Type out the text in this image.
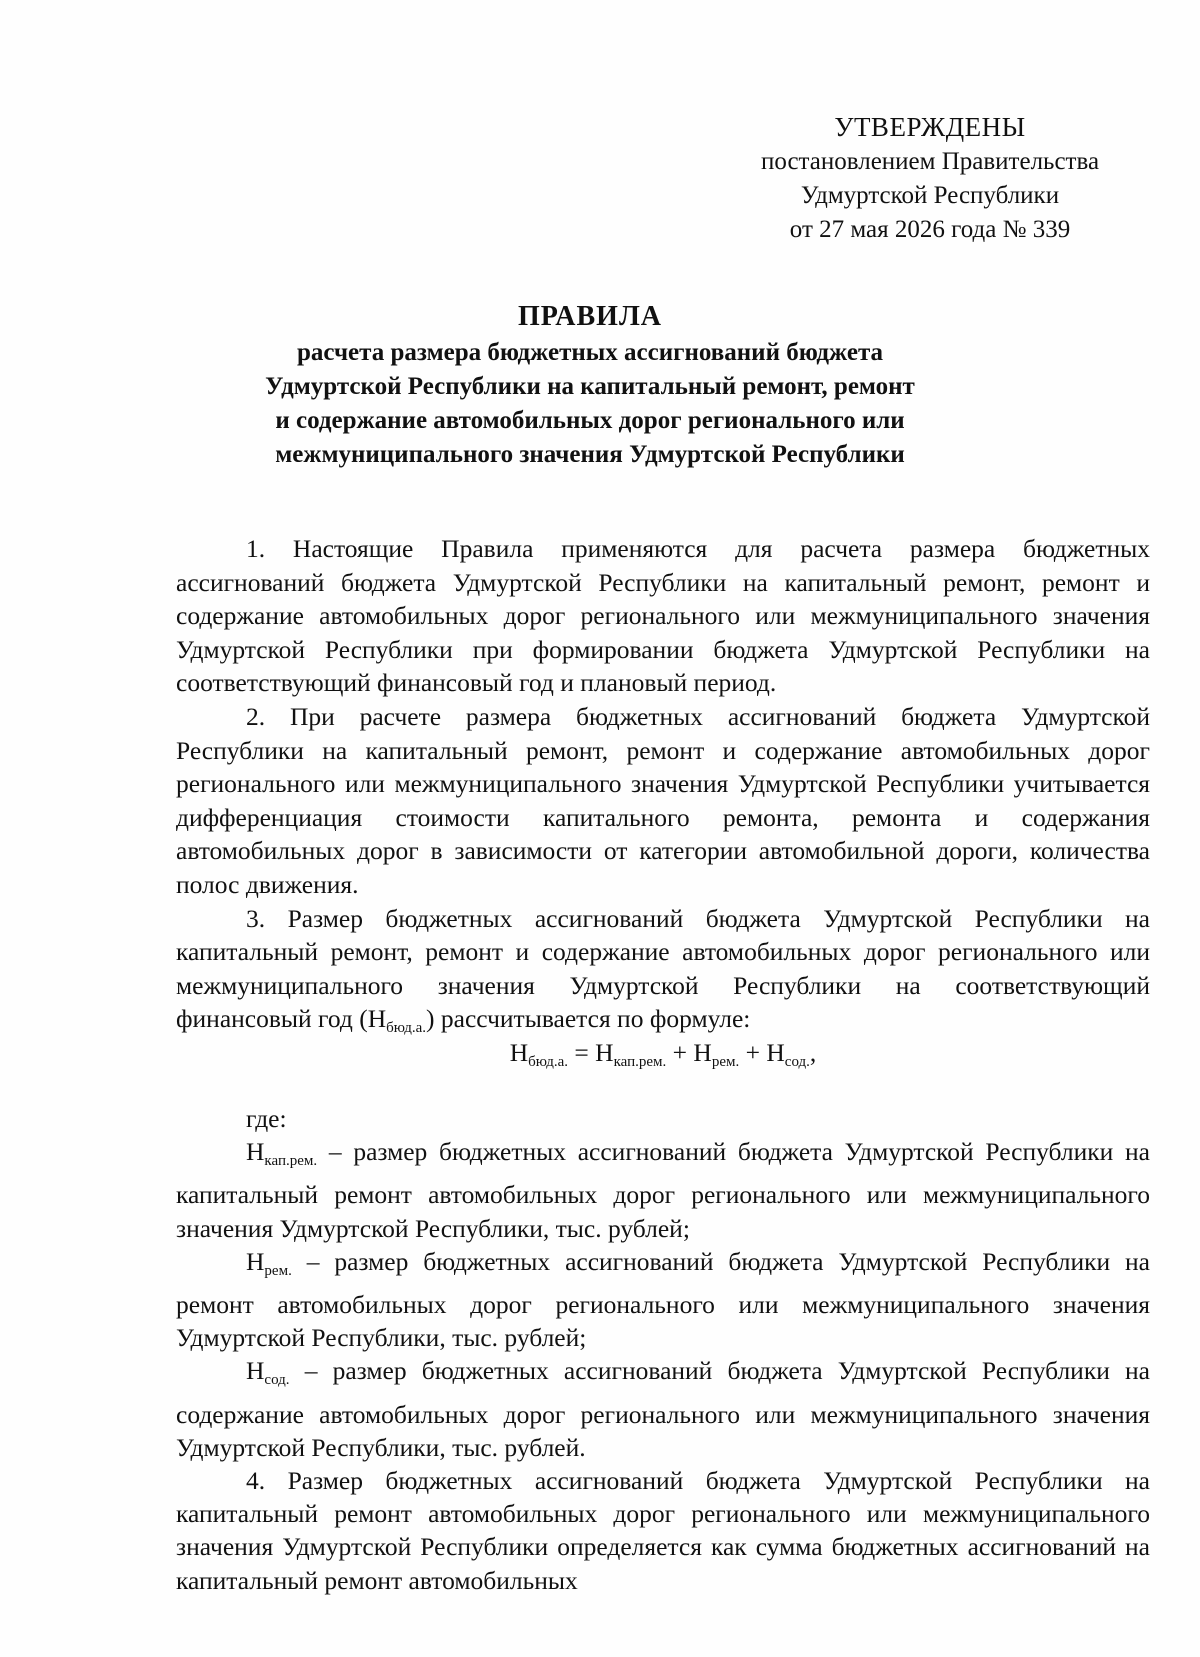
УТВЕРЖДЕНЫ
постановлением Правительства
Удмуртской Республики
от 27 мая 2026 года № 339
ПРАВИЛА
расчета размера бюджетных ассигнований бюджета
Удмуртской Республики на капитальный ремонт, ремонт
и содержание автомобильных дорог регионального или
межмуниципального значения Удмуртской Республики

1. Настоящие Правила применяются для расчета размера бюджетных ассигнований бюджета Удмуртской Республики на капитальный ремонт, ремонт и содержание автомобильных дорог регионального или межмуниципального значения Удмуртской Республики при формировании бюджета Удмуртской Республики на соответствующий финансовый год и плановый период.

2. При расчете размера бюджетных ассигнований бюджета Удмуртской Республики на капитальный ремонт, ремонт и содержание автомобильных дорог регионального или межмуниципального значения Удмуртской Республики учитывается дифференциация стоимости капитального ремонта, ремонта и содержания автомобильных дорог в зависимости от категории автомобильной дороги, количества полос движения.

3. Размер бюджетных ассигнований бюджета Удмуртской Республики на капитальный ремонт, ремонт и содержание автомобильных дорог регионального или межмуниципального значения Удмуртской Республики на соответствующий финансовый год $(Н_{бюд.а.})$ рассчитывается по формуле:

$Н_{бюд.а.} = Н_{кап.рем.} + Н_{рем.} + Н_{сод.}$,

где:

$Н_{кап.рем.}$ – размер бюджетных ассигнований бюджета Удмуртской Республики на капитальный ремонт автомобильных дорог регионального или межмуниципального значения Удмуртской Республики, тыс. рублей;

$Н_{рем.}$ – размер бюджетных ассигнований бюджета Удмуртской Республики на ремонт автомобильных дорог регионального или межмуниципального значения Удмуртской Республики, тыс. рублей;

$Н_{сод.}$ – размер бюджетных ассигнований бюджета Удмуртской Республики на содержание автомобильных дорог регионального или межмуниципального значения Удмуртской Республики, тыс. рублей.

4. Размер бюджетных ассигнований бюджета Удмуртской Республики на капитальный ремонт автомобильных дорог регионального или межмуниципального значения Удмуртской Республики определяется как сумма бюджетных ассигнований на капитальный ремонт автомобильных
